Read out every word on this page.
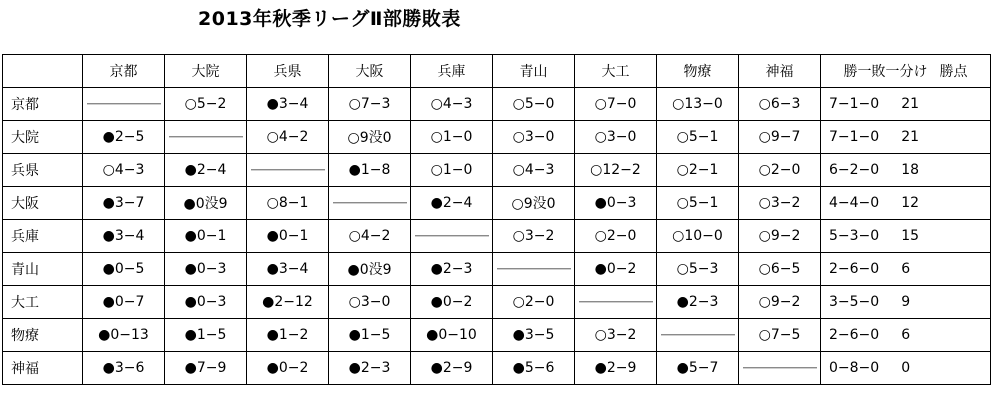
2013年秋季リーグⅡ部勝敗表
	京都	大院	兵県	大阪	兵庫	青山	大工	物療	神福	勝一敗一分け 勝点
京都		○5−2	●3−4	○7−3	○4−3	○5−0	○7−0	○13−0	○6−3	7−1−0 21
大院	●2−5		○4−2	○9没0	○1−0	○3−0	○3−0	○5−1	○9−7	7−1−0 21
兵県	○4−3	●2−4		●1−8	○1−0	○4−3	○12−2	○2−1	○2−0	6−2−0 18
大阪	●3−7	●0没9	○8−1		●2−4	○9没0	●0−3	○5−1	○3−2	4−4−0 12
兵庫	●3−4	●0−1	●0−1	○4−2		○3−2	○2−0	○10−0	○9−2	5−3−0 15
青山	●0−5	●0−3	●3−4	●0没9	●2−3		●0−2	○5−3	○6−5	2−6−0 6
大工	●0−7	●0−3	●2−12	○3−0	●0−2	○2−0		●2−3	○9−2	3−5−0 9
物療	●0−13	●1−5	●1−2	●1−5	●0−10	●3−5	○3−2		○7−5	2−6−0 6
神福	●3−6	●7−9	●0−2	●2−3	●2−9	●5−6	●2−9	●5−7		0−8−0 0
